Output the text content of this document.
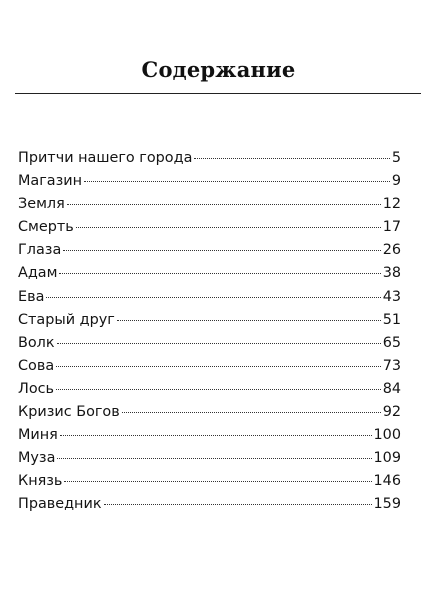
Содержание
Притчи нашего города	5
Магазин	9
Земля	12
Смерть	17
Глаза	26
Адам	38
Ева	43
Старый друг	51
Волк	65
Сова	73
Лось	84
Кризис Богов	92
Миня	100
Муза	109
Князь	146
Праведник	159
